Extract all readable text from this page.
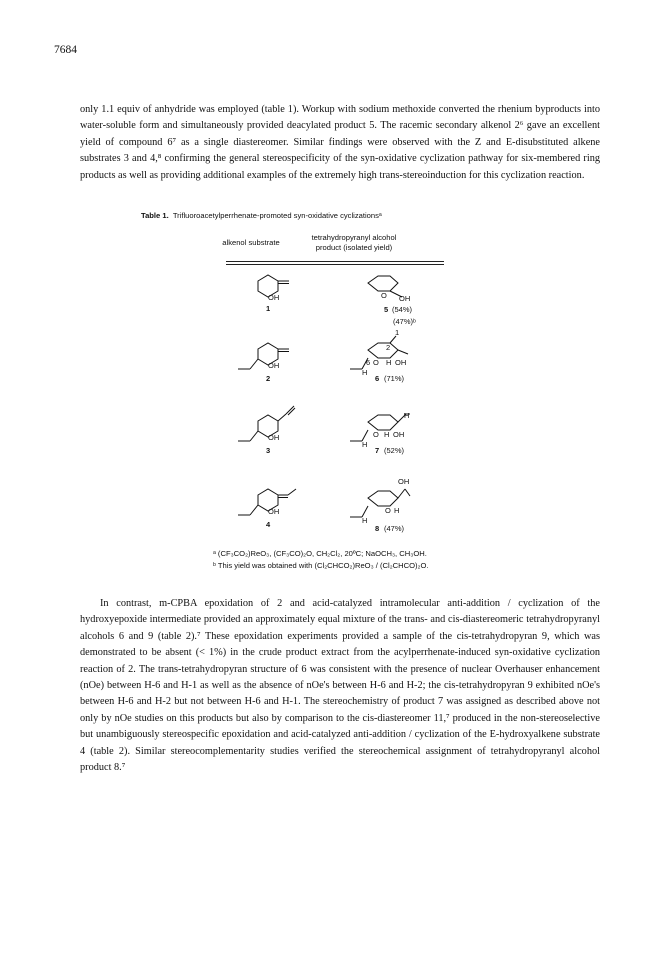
7684

only 1.1 equiv of anhydride was employed (table 1). Workup with sodium methoxide converted the rhenium byproducts into water-soluble form and simultaneously provided deacylated product 5. The racemic secondary alkenol 2⁶ gave an excellent yield of compound 6⁷ as a single diastereomer. Similar findings were observed with the Z and E-disubstituted alkene substrates 3 and 4,⁸ confirming the general stereospecificity of the syn-oxidative cyclization pathway for six-membered ring products as well as providing additional examples of the extremely high trans-stereoinduction for this cyclization reaction.

Table 1. Trifluoroacetylperrhenate-promoted syn-oxidative cyclizationsᵃ
alkenol substrate
tetrahydropyranyl alcohol
product (isolated yield)
OH
1
O OH
5 (54%)
(47%)ᵇ
OH
2
1
2
6 O H OH
H
6 (71%)
OH
3
O H OH
H
H
7 (52%)
OH
4
OH
O H
H
8 (47%)
ᵃ (CF₃CO₂)ReO₃, (CF₃CO)₂O, CH₂Cl₂, 20ºC; NaOCH₃, CH₃OH.
ᵇ This yield was obtained with (Cl₂CHCO₂)ReO₃ / (Cl₂CHCO)₂O.

In contrast, m-CPBA epoxidation of 2 and acid-catalyzed intramolecular anti-addition / cyclization of the hydroxyepoxide intermediate provided an approximately equal mixture of the trans- and cis-diastereomeric tetrahydropyranyl alcohols 6 and 9 (table 2).⁷ These epoxidation experiments provided a sample of the cis-tetrahydropyran 9, which was demonstrated to be absent (< 1%) in the crude product extract from the acylperrhenate-induced syn-oxidative cyclization reaction of 2. The trans-tetrahydropyran structure of 6 was consistent with the presence of nuclear Overhauser enhancement (nOe) between H-6 and H-1 as well as the absence of nOe's between H-6 and H-2; the cis-tetrahydropyran 9 exhibited nOe's between H-6 and H-2 but not between H-6 and H-1. The stereochemistry of product 7 was assigned as described above not only by nOe studies on this products but also by comparison to the cis-diastereomer 11,⁷ produced in the non-stereoselective but unambiguously stereospecific epoxidation and acid-catalyzed anti-addition / cyclization of the E-hydroxyalkene substrate 4 (table 2). Similar stereocomplementarity studies verified the stereochemical assignment of tetrahydropyranyl alcohol product 8.⁷
